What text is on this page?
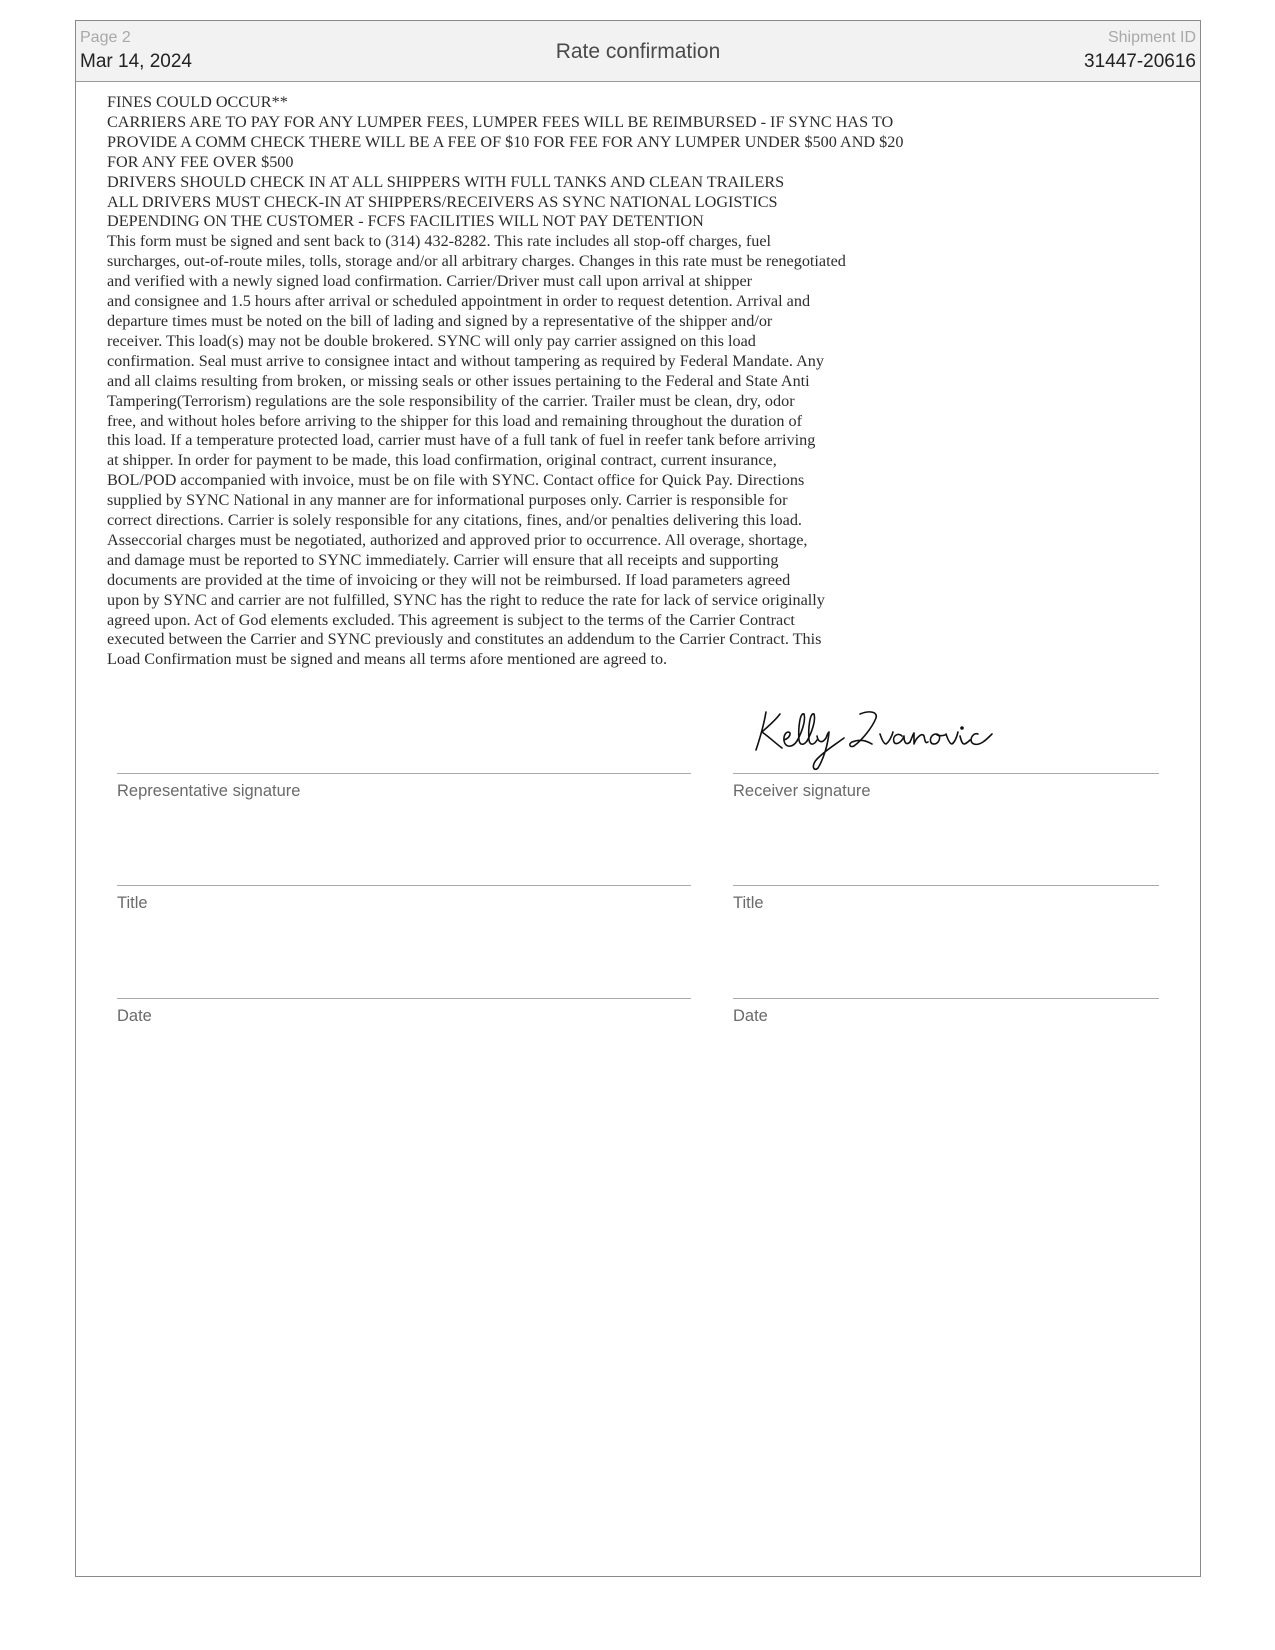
Page 2
Mar 14, 2024	Rate confirmation
Shipment ID
31447-20616
FINES COULD OCCUR**
CARRIERS ARE TO PAY FOR ANY LUMPER FEES, LUMPER FEES WILL BE REIMBURSED - IF SYNC HAS TO
PROVIDE A COMM CHECK THERE WILL BE A FEE OF $10 FOR FEE FOR ANY LUMPER UNDER $500 AND $20
FOR ANY FEE OVER $500
DRIVERS SHOULD CHECK IN AT ALL SHIPPERS WITH FULL TANKS AND CLEAN TRAILERS
ALL DRIVERS MUST CHECK-IN AT SHIPPERS/RECEIVERS AS SYNC NATIONAL LOGISTICS
DEPENDING ON THE CUSTOMER - FCFS FACILITIES WILL NOT PAY DETENTION
This form must be signed and sent back to (314) 432-8282. This rate includes all stop-off charges, fuel
surcharges, out-of-route miles, tolls, storage and/or all arbitrary charges. Changes in this rate must be renegotiated
and verified with a newly signed load confirmation. Carrier/Driver must call upon arrival at shipper
and consignee and 1.5 hours after arrival or scheduled appointment in order to request detention. Arrival and
departure times must be noted on the bill of lading and signed by a representative of the shipper and/or
receiver. This load(s) may not be double brokered. SYNC will only pay carrier assigned on this load
confirmation. Seal must arrive to consignee intact and without tampering as required by Federal Mandate. Any
and all claims resulting from broken, or missing seals or other issues pertaining to the Federal and State Anti
Tampering(Terrorism) regulations are the sole responsibility of the carrier. Trailer must be clean, dry, odor
free, and without holes before arriving to the shipper for this load and remaining throughout the duration of
this load. If a temperature protected load, carrier must have of a full tank of fuel in reefer tank before arriving
at shipper. In order for payment to be made, this load confirmation, original contract, current insurance,
BOL/POD accompanied with invoice, must be on file with SYNC. Contact office for Quick Pay. Directions
supplied by SYNC National in any manner are for informational purposes only. Carrier is responsible for
correct directions. Carrier is solely responsible for any citations, fines, and/or penalties delivering this load.
Asseccorial charges must be negotiated, authorized and approved prior to occurrence. All overage, shortage,
and damage must be reported to SYNC immediately. Carrier will ensure that all receipts and supporting
documents are provided at the time of invoicing or they will not be reimbursed. If load parameters agreed
upon by SYNC and carrier are not fulfilled, SYNC has the right to reduce the rate for lack of service originally
agreed upon. Act of God elements excluded. This agreement is subject to the terms of the Carrier Contract
executed between the Carrier and SYNC previously and constitutes an addendum to the Carrier Contract. This
Load Confirmation must be signed and means all terms afore mentioned are agreed to.
Representative signature
Title
Date
Receiver signature
Title
Date
